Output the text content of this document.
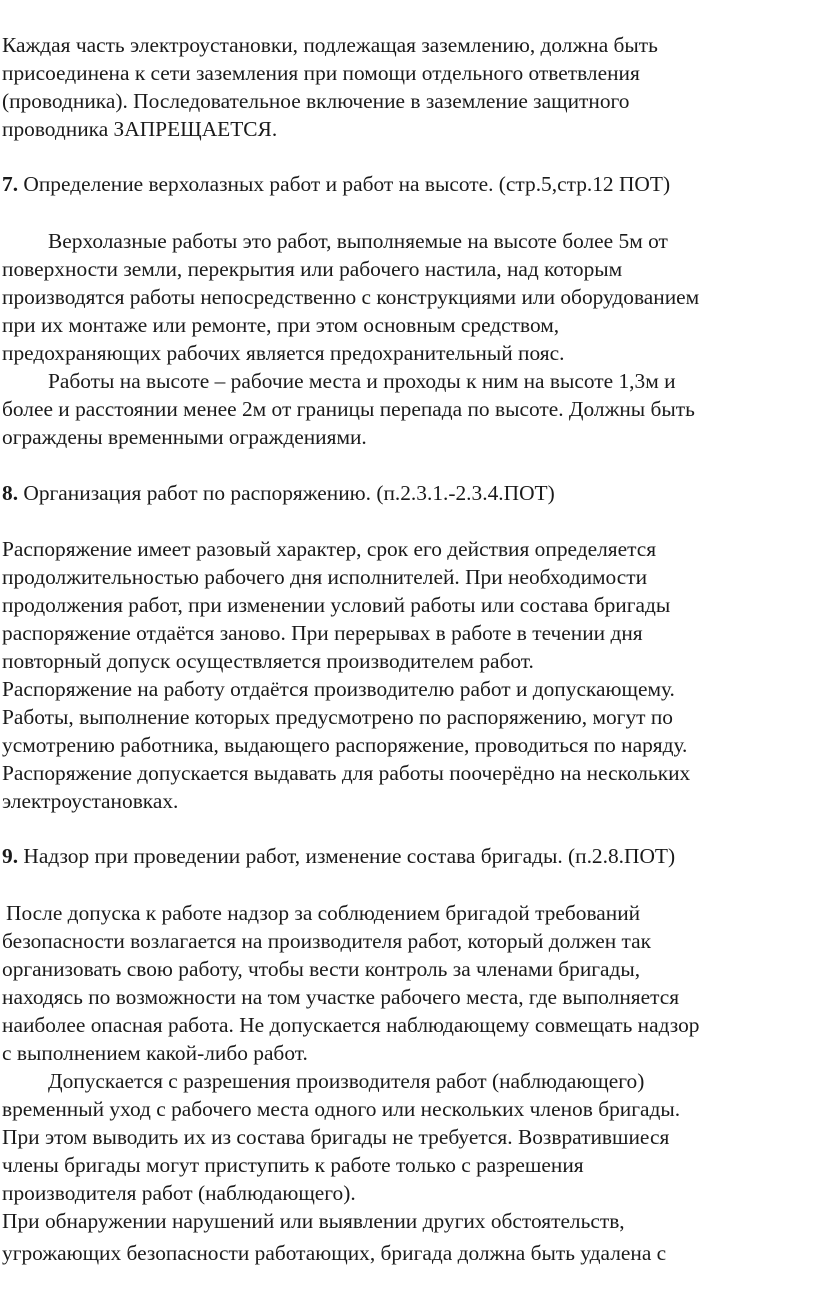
Каждая часть электроустановки, подлежащая заземлению, должна быть
присоединена к сети заземления при помощи отдельного ответвления
(проводника). Последовательное включение в заземление защитного
проводника ЗАПРЕЩАЕТСЯ.
7. Определение верхолазных работ и работ на высоте. (стр.5,стр.12 ПОТ)
Верхолазные работы это работ, выполняемые на высоте более 5м от
поверхности земли, перекрытия или рабочего настила, над которым
производятся работы непосредственно с конструкциями или оборудованием
при их монтаже или ремонте, при этом основным средством,
предохраняющих рабочих является предохранительный пояс.
Работы на высоте – рабочие места и проходы к ним на высоте 1,3м и
более и расстоянии менее 2м от границы перепада по высоте. Должны быть
ограждены временными ограждениями.
8. Организация работ по распоряжению. (п.2.3.1.-2.3.4.ПОТ)
Распоряжение имеет разовый характер, срок его действия определяется
продолжительностью рабочего дня исполнителей. При необходимости
продолжения работ, при изменении условий работы или состава бригады
распоряжение отдаётся заново. При перерывах в работе в течении дня
повторный допуск осуществляется производителем работ.
Распоряжение на работу отдаётся производителю работ и допускающему.
Работы, выполнение которых предусмотрено по распоряжению, могут по
усмотрению работника, выдающего распоряжение, проводиться по наряду.
Распоряжение допускается выдавать для работы поочерёдно на нескольких
электроустановках.
9. Надзор при проведении работ, изменение состава бригады. (п.2.8.ПОТ)
После допуска к работе надзор за соблюдением бригадой требований
безопасности возлагается на производителя работ, который должен так
организовать свою работу, чтобы вести контроль за членами бригады,
находясь по возможности на том участке рабочего места, где выполняется
наиболее опасная работа. Не допускается наблюдающему совмещать надзор
с выполнением какой-либо работ.
Допускается с разрешения производителя работ (наблюдающего)
временный уход с рабочего места одного или нескольких членов бригады.
При этом выводить их из состава бригады не требуется. Возвратившиеся
члены бригады могут приступить к работе только с разрешения
производителя работ (наблюдающего).
При обнаружении нарушений или выявлении других обстоятельств,
угрожающих безопасности работающих, бригада должна быть удалена с
